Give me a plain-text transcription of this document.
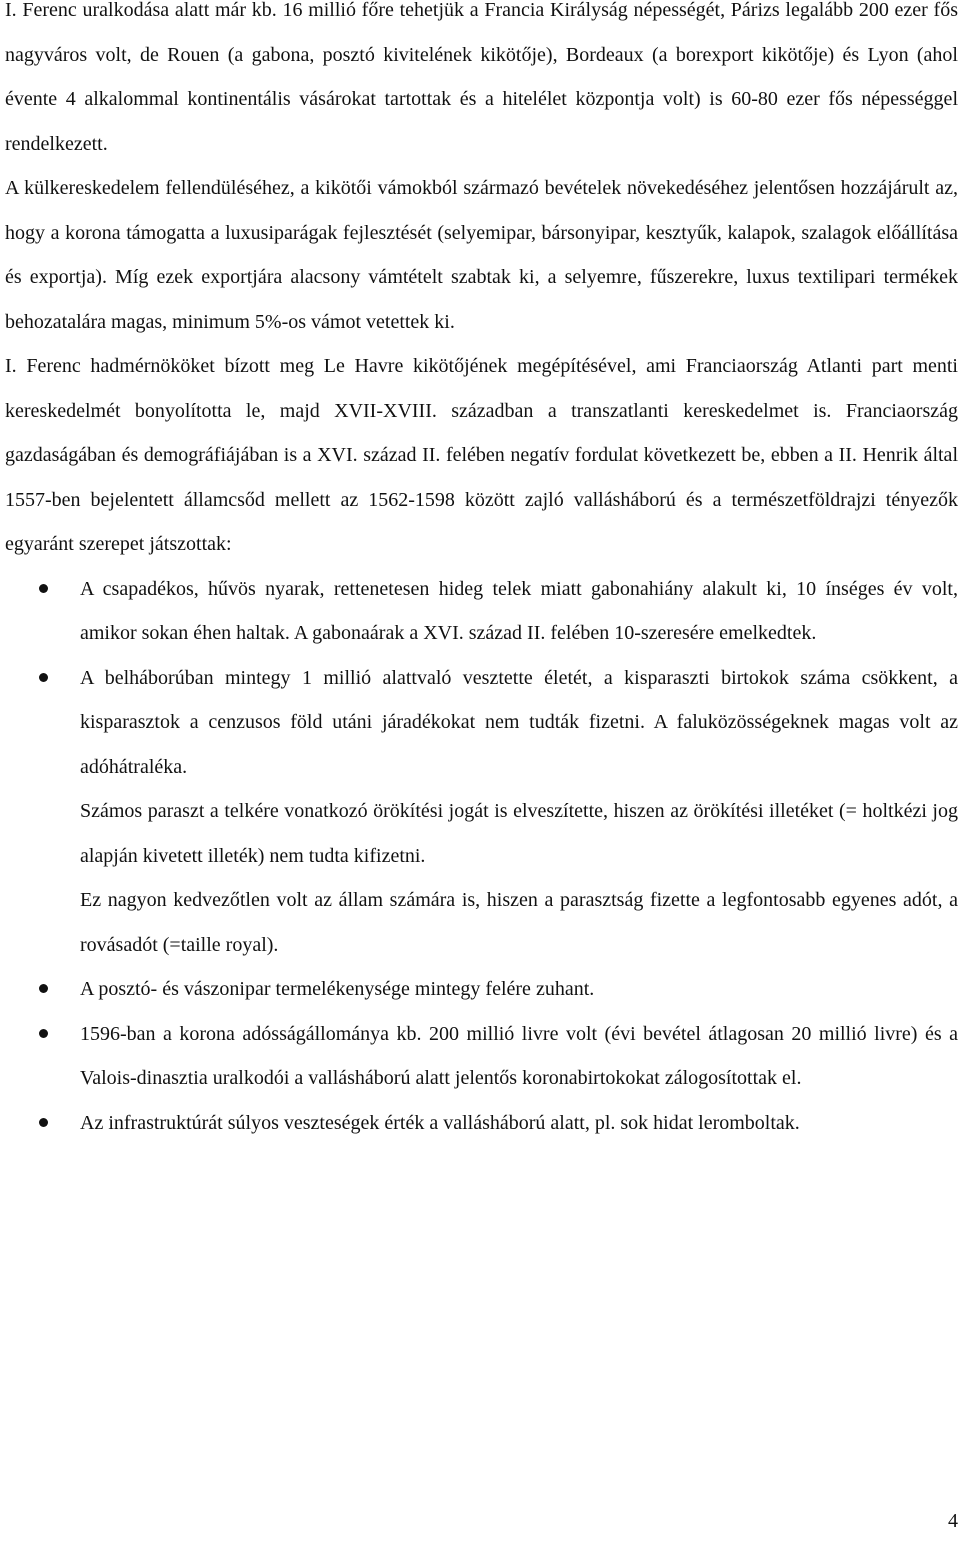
I. Ferenc uralkodása alatt már kb. 16 millió főre tehetjük a Francia Királyság népességét, Párizs legalább 200 ezer fős nagyváros volt, de Rouen (a gabona, posztó kivitelének kikötője), Bordeaux (a borexport kikötője) és Lyon (ahol évente 4 alkalommal kontinentális vásárokat tartottak és a hitelélet központja volt) is 60-80 ezer fős népességgel rendelkezett.

A külkereskedelem fellendüléséhez, a kikötői vámokból származó bevételek növekedéséhez jelentősen hozzájárult az, hogy a korona támogatta a luxusiparágak fejlesztését (selyemipar, bársonyipar, kesztyűk, kalapok, szalagok előállítása és exportja). Míg ezek exportjára alacsony vámtételt szabtak ki, a selyemre, fűszerekre, luxus textilipari termékek behozatalára magas, minimum 5%-os vámot vetettek ki.

I. Ferenc hadmérnököket bízott meg Le Havre kikötőjének megépítésével, ami Franciaország Atlanti part menti kereskedelmét bonyolította le, majd XVII-XVIII. században a transzatlanti kereskedelmet is. Franciaország gazdaságában és demográfiájában is a XVI. század II. felében negatív fordulat következett be, ebben a II. Henrik által 1557-ben bejelentett államcsőd mellett az 1562-1598 között zajló vallásháború és a természetföldrajzi tényezők egyaránt szerepet játszottak:

A csapadékos, hűvös nyarak, rettenetesen hideg telek miatt gabonahiány alakult ki, 10 ínséges év volt, amikor sokan éhen haltak. A gabonaárak a XVI. század II. felében 10-szeresére emelkedtek.
A belháborúban mintegy 1 millió alattvaló vesztette életét, a kisparaszti birtokok száma csökkent, a kisparasztok a cenzusos föld utáni járadékokat nem tudták fizetni. A faluközösségeknek magas volt az adóhátraléka.

Számos paraszt a telkére vonatkozó örökítési jogát is elveszítette, hiszen az örökítési illetéket (= holtkézi jog alapján kivetett illeték) nem tudta kifizetni.

Ez nagyon kedvezőtlen volt az állam számára is, hiszen a parasztság fizette a legfontosabb egyenes adót, a rovásadót (=taille royal).

A posztó- és vászonipar termelékenysége mintegy felére zuhant.
1596-ban a korona adósságállománya kb. 200 millió livre volt (évi bevétel átlagosan 20 millió livre) és a Valois-dinasztia uralkodói a vallásháború alatt jelentős koronabirtokokat zálogosítottak el.
Az infrastruktúrát súlyos veszteségek érték a vallásháború alatt, pl. sok hidat leromboltak.
4
